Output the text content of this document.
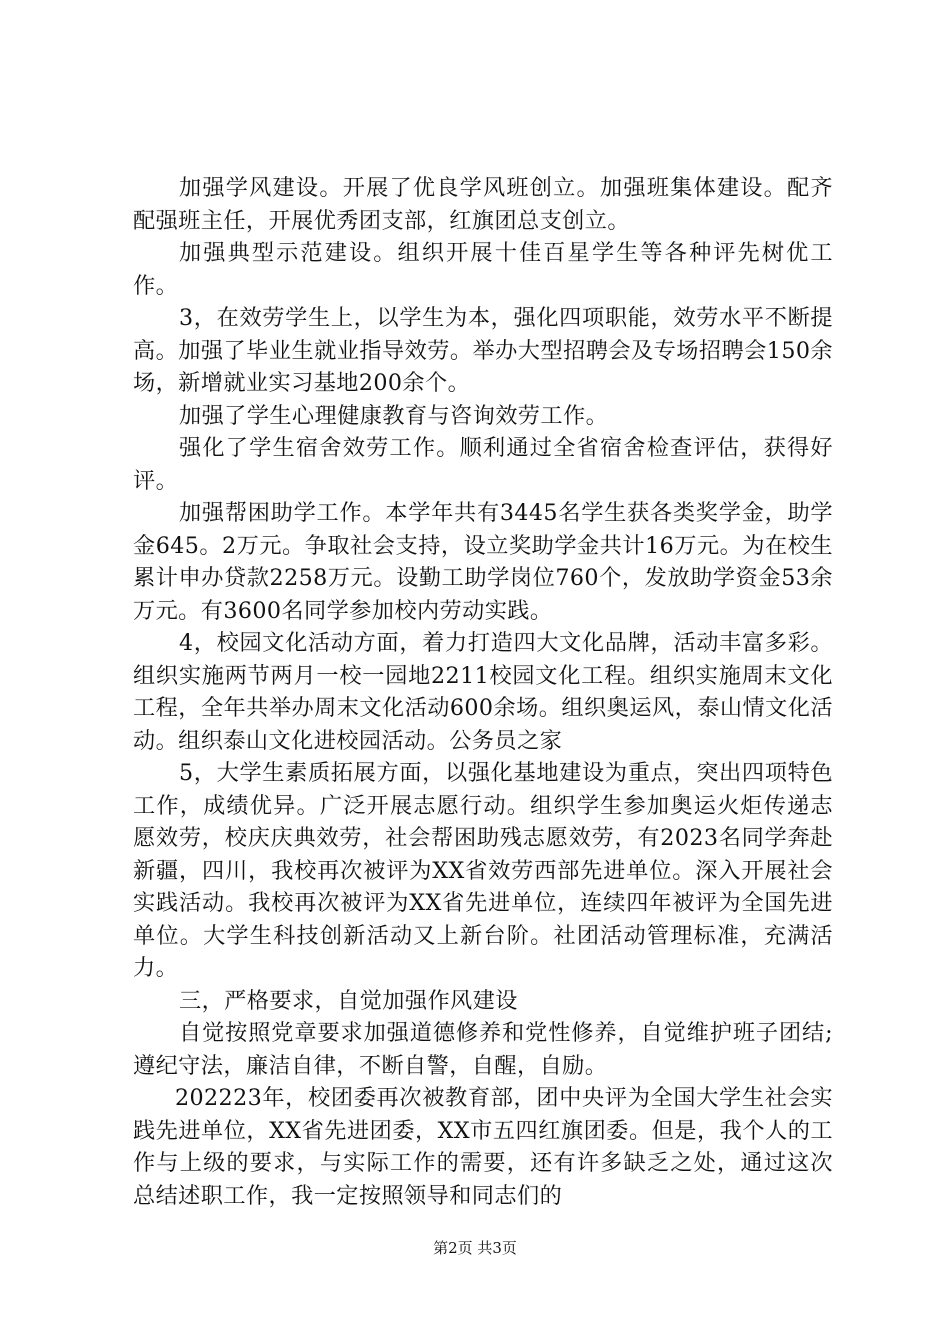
加强学风建设。开展了优良学风班创立。加强班集体建设。配齐配强班主任，开展优秀团支部，红旗团总支创立。

加强典型示范建设。组织开展十佳百星学生等各种评先树优工作。

3，在效劳学生上，以学生为本，强化四项职能，效劳水平不断提高。加强了毕业生就业指导效劳。举办大型招聘会及专场招聘会150余场，新增就业实习基地200余个。

加强了学生心理健康教育与咨询效劳工作。

强化了学生宿舍效劳工作。顺利通过全省宿舍检查评估，获得好评。

加强帮困助学工作。本学年共有3445名学生获各类奖学金，助学金645。2万元。争取社会支持，设立奖助学金共计16万元。为在校生累计申办贷款2258万元。设勤工助学岗位760个，发放助学资金53余万元。有3600名同学参加校内劳动实践。

4，校园文化活动方面，着力打造四大文化品牌，活动丰富多彩。组织实施两节两月一校一园地2211校园文化工程。组织实施周末文化工程，全年共举办周末文化活动600余场。组织奥运风，泰山情文化活动。组织泰山文化进校园活动。公务员之家

5，大学生素质拓展方面，以强化基地建设为重点，突出四项特色工作，成绩优异。广泛开展志愿行动。组织学生参加奥运火炬传递志愿效劳，校庆庆典效劳，社会帮困助残志愿效劳，有2023名同学奔赴新疆，四川，我校再次被评为XX省效劳西部先进单位。深入开展社会实践活动。我校再次被评为XX省先进单位，连续四年被评为全国先进单位。大学生科技创新活动又上新台阶。社团活动管理标准，充满活力。

三，严格要求，自觉加强作风建设

自觉按照党章要求加强道德修养和党性修养，自觉维护班子团结;遵纪守法，廉洁自律，不断自警，自醒，自励。

202223年，校团委再次被教育部，团中央评为全国大学生社会实践先进单位，XX省先进团委，XX市五四红旗团委。但是，我个人的工作与上级的要求，与实际工作的需要，还有许多缺乏之处，通过这次总结述职工作，我一定按照领导和同志们的

第2页 共3页
